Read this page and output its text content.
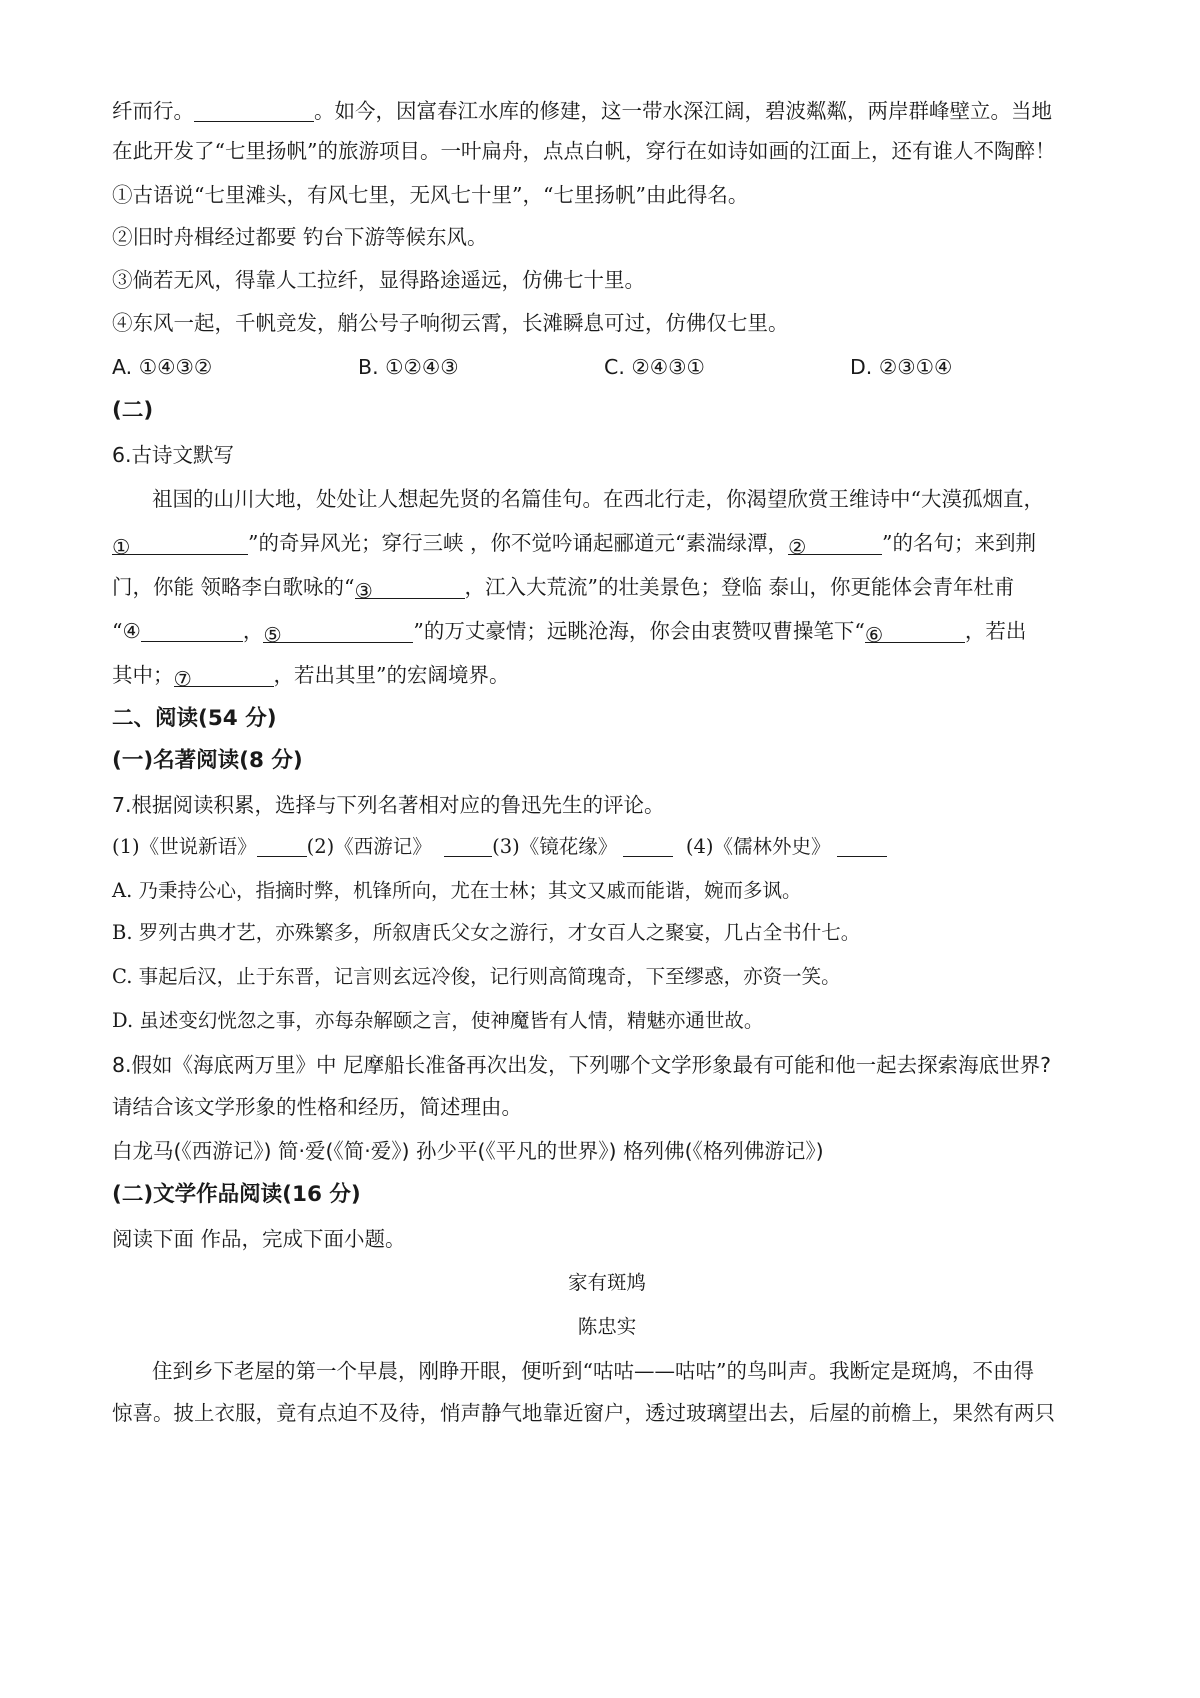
纤而行。	。如今，因富春江水库的修建，这一带水深江阔，碧波粼粼，两岸群峰壁立。当地
在此开发了“七里扬帆”的旅游项目。一叶扁舟，点点白帆，穿行在如诗如画的江面上，还有谁人不陶醉！
①古语说“七里滩头，有风七里，无风七十里”，“七里扬帆”由此得名。
②旧时舟楫经过都要 钓台下游等候东风。
③倘若无风，得靠人工拉纤，显得路途遥远，仿佛七十里。
④东风一起，千帆竞发，艄公号子响彻云霄，长滩瞬息可过，仿佛仅七里。
A. ①④③②	B. ①②④③	C. ②④③①	D. ②③①④
(二)
6.古诗文默写
祖国的山川大地，处处让人想起先贤的名篇佳句。在西北行走，你渴望欣赏王维诗中“大漠孤烟直，
①	”的奇异风光；穿行三峡 ，你不觉吟诵起郦道元“素湍绿潭，②	”的名句；来到荆
门，你能 领略李白歌咏的“③	，江入大荒流”的壮美景色；登临 泰山，你更能体会青年杜甫
“④	，⑤	”的万丈豪情；远眺沧海，你会由衷赞叹曹操笔下“⑥	，若出
其中；⑦	，若出其里”的宏阔境界。
二、阅读(54 分)
(一)名著阅读(8 分)
7.根据阅读积累，选择与下列名著相对应的鲁迅先生的评论。
(1)《世说新语》	(2)《西游记》	(3)《镜花缘》	(4)《儒林外史》
A. 乃秉持公心，指摘时弊，机锋所向，尤在士林；其文又戚而能谐，婉而多讽。
B. 罗列古典才艺，亦殊繁多，所叙唐氏父女之游行，才女百人之聚宴，几占全书什七。
C. 事起后汉，止于东晋，记言则玄远冷俊，记行则高简瑰奇，下至缪惑，亦资一笑。
D. 虽述变幻恍忽之事，亦每杂解颐之言，使神魔皆有人情，精魅亦通世故。
8.假如《海底两万里》中 尼摩船长准备再次出发，下列哪个文学形象最有可能和他一起去探索海底世界?
请结合该文学形象的性格和经历，简述理由。
白龙马(《西游记》) 简·爱(《简·爱》) 孙少平(《平凡的世界》) 格列佛(《格列佛游记》)
(二)文学作品阅读(16 分)
阅读下面 作品，完成下面小题。
家有斑鸠
陈忠实
住到乡下老屋的第一个早晨，刚睁开眼，便听到“咕咕——咕咕”的鸟叫声。我断定是斑鸠，不由得
惊喜。披上衣服，竟有点迫不及待，悄声静气地靠近窗户，透过玻璃望出去，后屋的前檐上，果然有两只
